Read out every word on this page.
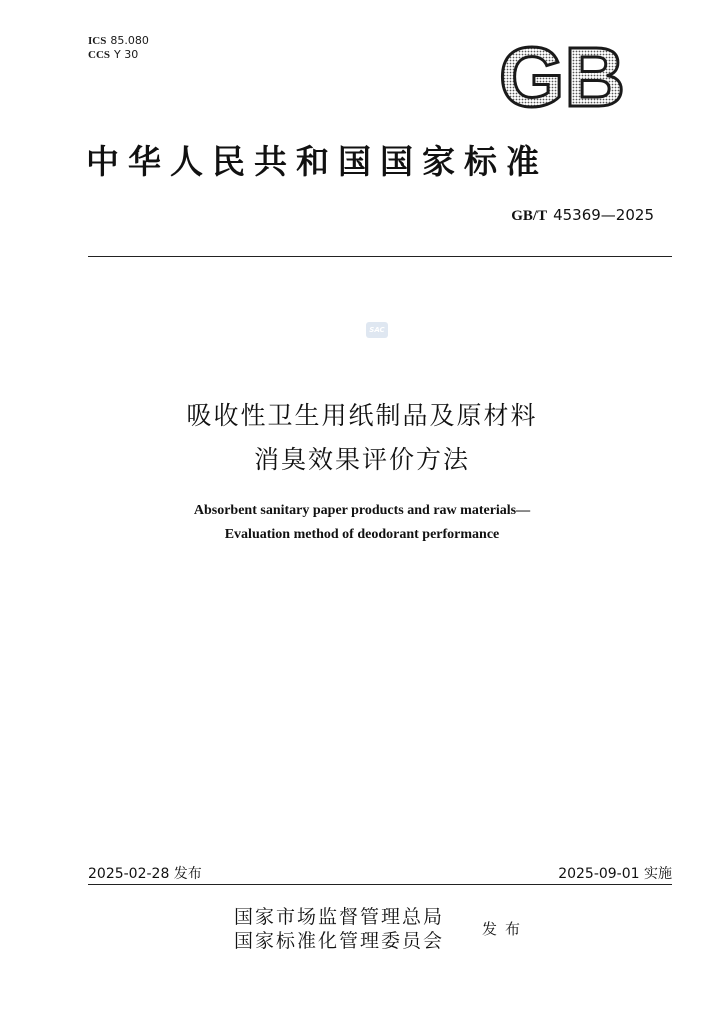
ICS 85.080
CCS Y 30	GB
中华人民共和国国家标准
GB/T 45369—2025
SAC
吸收性卫生用纸制品及原材料
消臭效果评价方法
Absorbent sanitary paper products and raw materials—
Evaluation method of deodorant performance
2025-02-28 发布	2025-09-01 实施
国家市场监督管理总局
国家标准化管理委员会
发布
